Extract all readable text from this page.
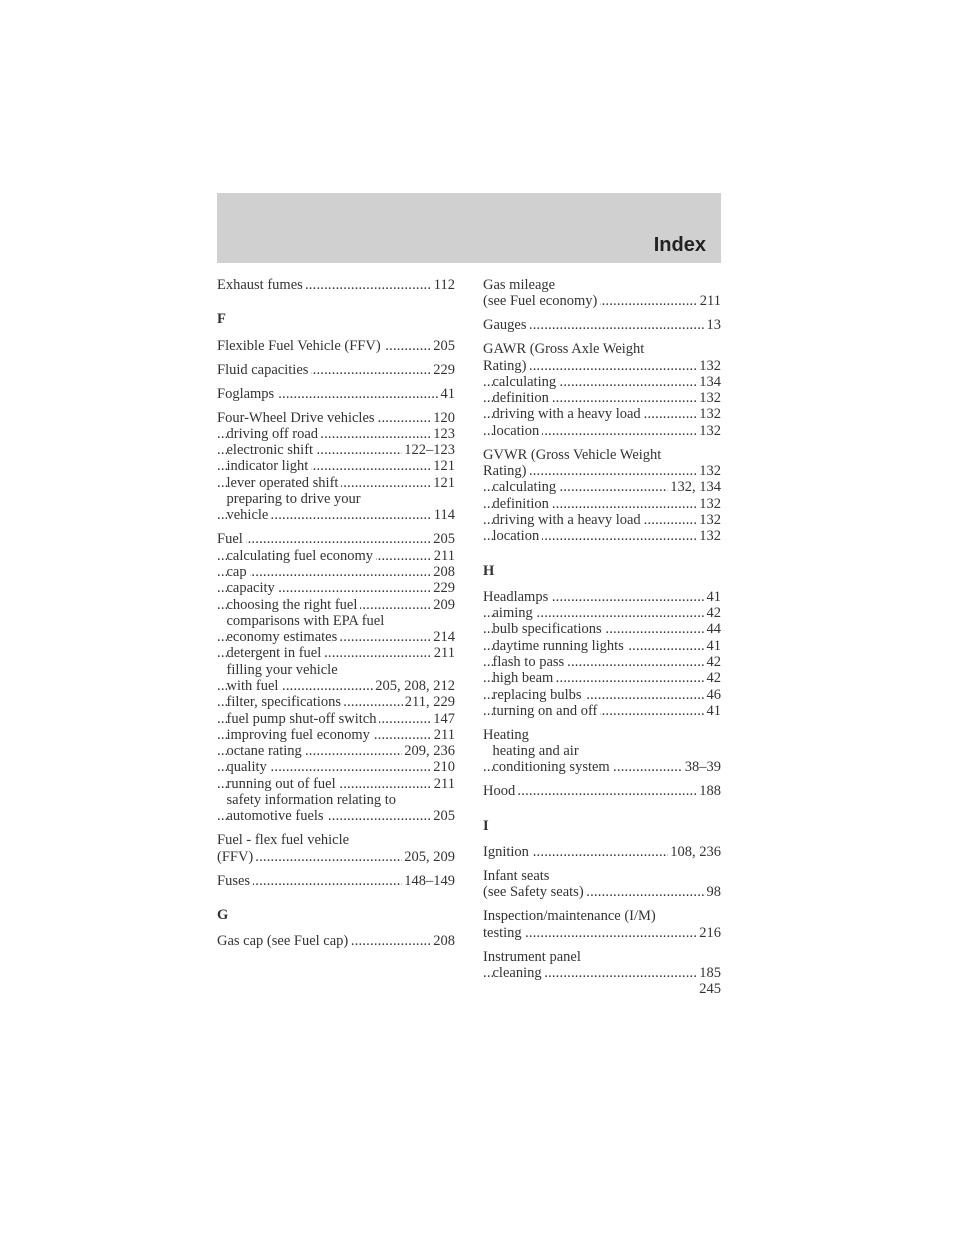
Index
Exhaust fumes	112
.....
F
Flexible Fuel Vehicle (FFV)	205
.....
Fluid capacities	229
.....
Foglamps	41
.....
Four-Wheel Drive vehicles	120
.....
driving off road	123
.....
electronic shift	122–123
.....
indicator light	121
.....
lever operated shift	121
.....
preparing to drive your
vehicle	114
.....
Fuel	205
.....
calculating fuel economy	211
.....
cap	208
.....
capacity	229
.....
choosing the right fuel	209
.....
comparisons with EPA fuel
economy estimates	214
.....
detergent in fuel	211
.....
filling your vehicle
with fuel	205, 208, 212
.....
filter, specifications	211, 229
.....
fuel pump shut-off switch	147
.....
improving fuel economy	211
.....
octane rating	209, 236
.....
quality	210
.....
running out of fuel	211
.....
safety information relating to
automotive fuels	205
.....
Fuel - flex fuel vehicle
(FFV)	205, 209
.....
Fuses	148–149
.....
G
Gas cap (see Fuel cap)	208
.....
Gas mileage
(see Fuel economy)	211
.....
Gauges	13
.....
GAWR (Gross Axle Weight
Rating)	132
.....
calculating	134
.....
definition	132
.....
driving with a heavy load	132
.....
location	132
.....
GVWR (Gross Vehicle Weight
Rating)	132
.....
calculating	132, 134
.....
definition	132
.....
driving with a heavy load	132
.....
location	132
.....
H
Headlamps	41
.....
aiming	42
.....
bulb specifications	44
.....
daytime running lights	41
.....
flash to pass	42
.....
high beam	42
.....
replacing bulbs	46
.....
turning on and off	41
.....
Heating
heating and air
conditioning system	38–39
.....
Hood	188
.....
I
Ignition	108, 236
.....
Infant seats
(see Safety seats)	98
.....
Inspection/maintenance (I/M)
testing	216
.....
Instrument panel
cleaning	185
.....
245
